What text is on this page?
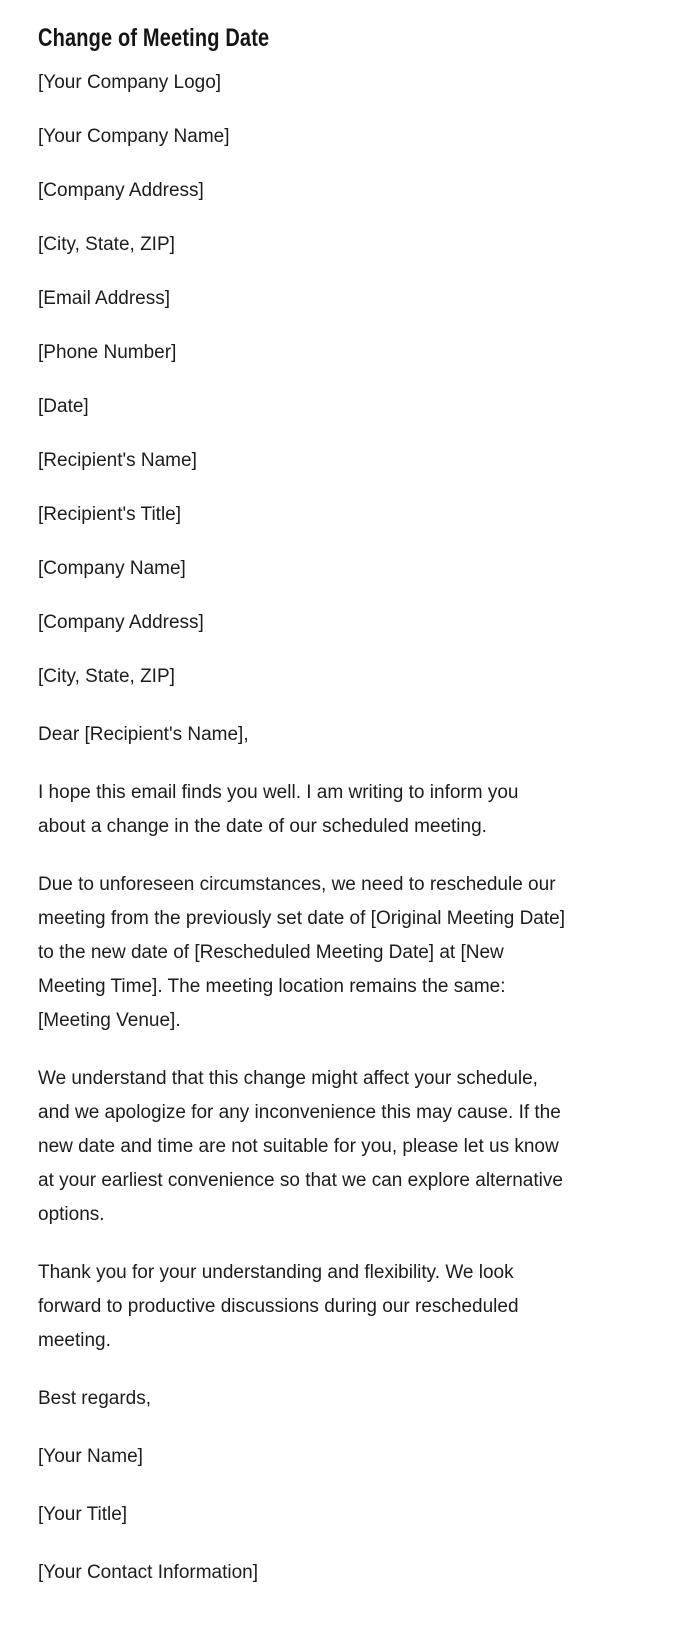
Change of Meeting Date

[Your Company Logo]

[Your Company Name]

[Company Address]

[City, State, ZIP]

[Email Address]

[Phone Number]

[Date]

[Recipient's Name]

[Recipient's Title]

[Company Name]

[Company Address]

[City, State, ZIP]

Dear [Recipient's Name],

I hope this email finds you well. I am writing to inform you
about a change in the date of our scheduled meeting.
Due to unforeseen circumstances, we need to reschedule our
meeting from the previously set date of [Original Meeting Date]
to the new date of [Rescheduled Meeting Date] at [New
Meeting Time]. The meeting location remains the same:
[Meeting Venue].
We understand that this change might affect your schedule,
and we apologize for any inconvenience this may cause. If the
new date and time are not suitable for you, please let us know
at your earliest convenience so that we can explore alternative
options.
Thank you for your understanding and flexibility. We look
forward to productive discussions during our rescheduled
meeting.

Best regards,

[Your Name]

[Your Title]

[Your Contact Information]
